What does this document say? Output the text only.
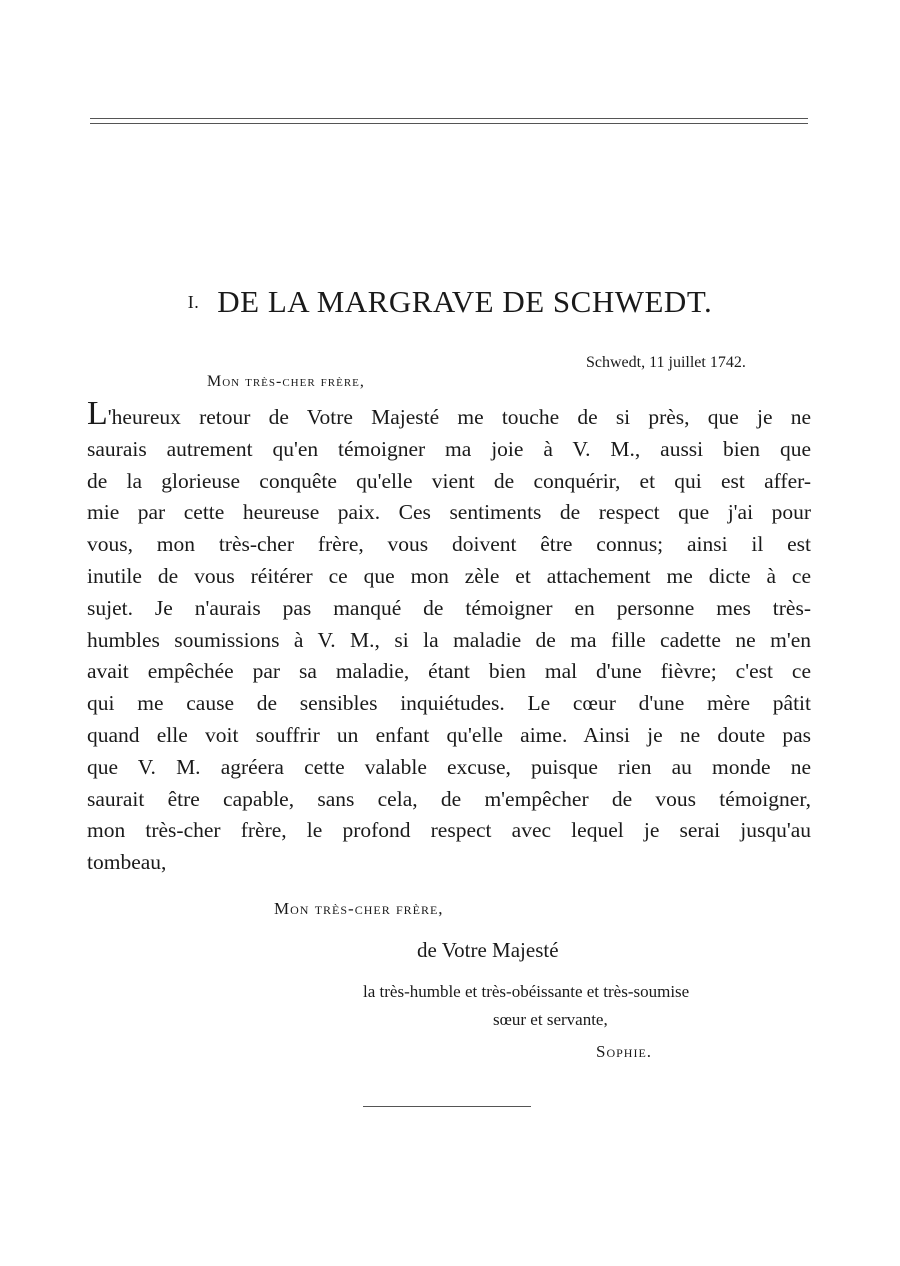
I. DE LA MARGRAVE DE SCHWEDT.
Schwedt, 11 juillet 1742.
Mon très-cher frère,
L'heureux retour de Votre Majesté me touche de si près, que je ne
saurais autrement qu'en témoigner ma joie à V. M., aussi bien que
de la glorieuse conquête qu'elle vient de conquérir, et qui est affer-
mie par cette heureuse paix. Ces sentiments de respect que j'ai pour
vous, mon très-cher frère, vous doivent être connus; ainsi il est
inutile de vous réitérer ce que mon zèle et attachement me dicte à ce
sujet. Je n'aurais pas manqué de témoigner en personne mes très-
humbles soumissions à V. M., si la maladie de ma fille cadette ne m'en
avait empêchée par sa maladie, étant bien mal d'une fièvre; c'est ce
qui me cause de sensibles inquiétudes. Le cœur d'une mère pâtit
quand elle voit souffrir un enfant qu'elle aime. Ainsi je ne doute pas
que V. M. agréera cette valable excuse, puisque rien au monde ne
saurait être capable, sans cela, de m'empêcher de vous témoigner,
mon très-cher frère, le profond respect avec lequel je serai jusqu'au
tombeau,
Mon très-cher frère,
de Votre Majesté
la très-humble et très-obéissante et très-soumise
sœur et servante,
Sophie.
